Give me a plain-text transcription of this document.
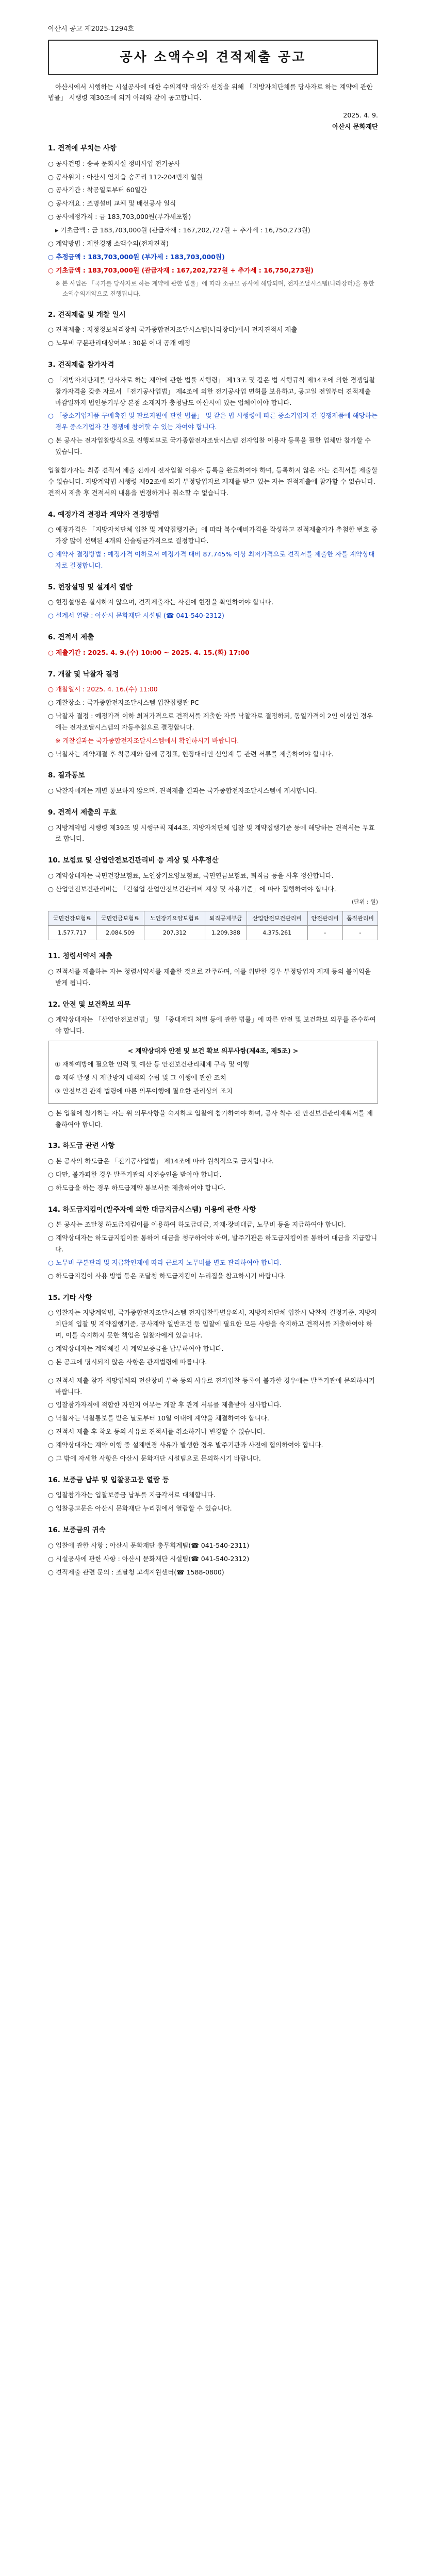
아산시 공고 제2025-1294호
공사 소액수의 견적제출 공고

아산시에서 시행하는 시설공사에 대한 수의계약 대상자 선정을 위해 「지방자치단체를 당사자로 하는 계약에 관한 법률」 시행령 제30조에 의거 아래와 같이 공고합니다.

2025. 4. 9.
아산시 문화재단
1. 견적에 부치는 사항

○ 공사건명 : 송곡 문화시설 정비사업 전기공사

○ 공사위치 : 아산시 염치읍 송곡리 112-204번지 일원

○ 공사기간 : 착공일로부터 60일간

○ 공사개요 : 조명설비 교체 및 배선공사 일식

○ 공사예정가격 : 금 183,703,000원(부가세포함)

▸ 기초금액 : 금 183,703,000원 (관급자재 : 167,202,727원 + 추가세 : 16,750,273원)

○ 계약방법 : 제한경쟁 소액수의(전자견적)

○ 추정금액 : 183,703,000원 (부가세 : 183,703,000원)

○ 기초금액 : 183,703,000원 (관급자재 : 167,202,727원 + 추가세 : 16,750,273원)

※ 본 사업은 「국가를 당사자로 하는 계약에 관한 법률」에 따라 소규모 공사에 해당되며, 전자조달시스템(나라장터)을 통한 소액수의계약으로 진행됩니다.

2. 견적제출 및 개찰 일시

○ 견적제출 : 지정정보처리장치 국가종합전자조달시스템(나라장터)에서 전자견적서 제출

○ 노무비 구분관리대상여부 : 30분 이내 공개 예정

3. 견적제출 참가자격

○ 「지방자치단체를 당사자로 하는 계약에 관한 법률 시행령」 제13조 및 같은 법 시행규칙 제14조에 의한 경쟁입찰 참가자격을 갖춘 자로서 「전기공사업법」 제4조에 의한 전기공사업 면허를 보유하고, 공고일 전일부터 견적제출 마감일까지 법인등기부상 본점 소재지가 충청남도 아산시에 있는 업체이어야 합니다.

○ 「중소기업제품 구매촉진 및 판로지원에 관한 법률」 및 같은 법 시행령에 따른 중소기업자 간 경쟁제품에 해당하는 경우 중소기업자 간 경쟁에 참여할 수 있는 자여야 합니다.

○ 본 공사는 전자입찰방식으로 진행되므로 국가종합전자조달시스템 전자입찰 이용자 등록을 필한 업체만 참가할 수 있습니다.

입찰참가자는 최종 견적서 제출 전까지 전자입찰 이용자 등록을 완료하여야 하며, 등록하지 않은 자는 견적서를 제출할 수 없습니다. 지방계약법 시행령 제92조에 의거 부정당업자로 제재를 받고 있는 자는 견적제출에 참가할 수 없습니다. 견적서 제출 후 견적서의 내용을 변경하거나 취소할 수 없습니다.

4. 예정가격 결정과 계약자 결정방법

○ 예정가격은 「지방자치단체 입찰 및 계약집행기준」에 따라 복수예비가격을 작성하고 견적제출자가 추첨한 번호 중 가장 많이 선택된 4개의 산술평균가격으로 결정합니다.

○ 계약자 결정방법 : 예정가격 이하로서 예정가격 대비 87.745% 이상 최저가격으로 견적서를 제출한 자를 계약상대자로 결정합니다.

5. 현장설명 및 설계서 열람

○ 현장설명은 실시하지 않으며, 견적제출자는 사전에 현장을 확인하여야 합니다.

○ 설계서 열람 : 아산시 문화재단 시설팀 (☎ 041-540-2312)

6. 견적서 제출

○ 제출기간 : 2025. 4. 9.(수) 10:00 ~ 2025. 4. 15.(화) 17:00

7. 개찰 및 낙찰자 결정

○ 개찰일시 : 2025. 4. 16.(수) 11:00

○ 개찰장소 : 국가종합전자조달시스템 입찰집행관 PC

○ 낙찰자 결정 : 예정가격 이하 최저가격으로 견적서를 제출한 자를 낙찰자로 결정하되, 동일가격이 2인 이상인 경우에는 전자조달시스템의 자동추첨으로 결정합니다.

※ 개찰결과는 국가종합전자조달시스템에서 확인하시기 바랍니다.

○ 낙찰자는 계약체결 후 착공계와 함께 공정표, 현장대리인 선임계 등 관련 서류를 제출하여야 합니다.

8. 결과통보

○ 낙찰자에게는 개별 통보하지 않으며, 견적제출 결과는 국가종합전자조달시스템에 게시합니다.

9. 견적서 제출의 무효

○ 지방계약법 시행령 제39조 및 시행규칙 제44조, 지방자치단체 입찰 및 계약집행기준 등에 해당하는 견적서는 무효로 합니다.

10. 보험료 및 산업안전보건관리비 등 계상 및 사후정산

○ 계약상대자는 국민건강보험료, 노인장기요양보험료, 국민연금보험료, 퇴직금 등을 사후 정산합니다.

○ 산업안전보건관리비는 「건설업 산업안전보건관리비 계상 및 사용기준」에 따라 집행하여야 합니다.

(단위 : 원)
국민건강보험료	국민연금보험료	노인장기요양보험료	퇴직공제부금	산업안전보건관리비	안전관리비	품질관리비
1,577,717	2,084,509	207,312	1,209,388	4,375,261	-	-
11. 청렴서약서 제출

○ 견적서를 제출하는 자는 청렴서약서를 제출한 것으로 간주하며, 이를 위반한 경우 부정당업자 제재 등의 불이익을 받게 됩니다.

12. 안전 및 보건확보 의무

○ 계약상대자는 「산업안전보건법」 및 「중대재해 처벌 등에 관한 법률」에 따른 안전 및 보건확보 의무를 준수하여야 합니다.

< 계약상대자 안전 및 보건 확보 의무사항(제4조, 제5조) >

① 재해예방에 필요한 인력 및 예산 등 안전보건관리체계 구축 및 이행

② 재해 발생 시 재발방지 대책의 수립 및 그 이행에 관한 조치

③ 안전보건 관계 법령에 따른 의무이행에 필요한 관리상의 조치

○ 본 입찰에 참가하는 자는 위 의무사항을 숙지하고 입찰에 참가하여야 하며, 공사 착수 전 안전보건관리계획서를 제출하여야 합니다.

13. 하도급 관련 사항

○ 본 공사의 하도급은 「전기공사업법」 제14조에 따라 원칙적으로 금지합니다.

○ 다만, 불가피한 경우 발주기관의 사전승인을 받아야 합니다.

○ 하도급을 하는 경우 하도급계약 통보서를 제출하여야 합니다.

14. 하도급지킴이(발주자에 의한 대금지급시스템) 이용에 관한 사항

○ 본 공사는 조달청 하도급지킴이를 이용하여 하도급대금, 자재·장비대금, 노무비 등을 지급하여야 합니다.

○ 계약상대자는 하도급지킴이를 통하여 대금을 청구하여야 하며, 발주기관은 하도급지킴이를 통하여 대금을 지급합니다.

○ 노무비 구분관리 및 지급확인제에 따라 근로자 노무비를 별도 관리하여야 합니다.

○ 하도급지킴이 사용 방법 등은 조달청 하도급지킴이 누리집을 참고하시기 바랍니다.

15. 기타 사항

○ 입찰자는 지방계약법, 국가종합전자조달시스템 전자입찰특별유의서, 지방자치단체 입찰시 낙찰자 결정기준, 지방자치단체 입찰 및 계약집행기준, 공사계약 일반조건 등 입찰에 필요한 모든 사항을 숙지하고 견적서를 제출하여야 하며, 이를 숙지하지 못한 책임은 입찰자에게 있습니다.

○ 계약상대자는 계약체결 시 계약보증금을 납부하여야 합니다.

○ 본 공고에 명시되지 않은 사항은 관계법령에 따릅니다.

○ 견적서 제출 참가 희망업체의 전산장비 부족 등의 사유로 전자입찰 등록이 불가한 경우에는 발주기관에 문의하시기 바랍니다.

○ 입찰참가자격에 적합한 자인지 여부는 개찰 후 관계 서류를 제출받아 심사합니다.

○ 낙찰자는 낙찰통보를 받은 날로부터 10일 이내에 계약을 체결하여야 합니다.

○ 견적서 제출 후 착오 등의 사유로 견적서를 취소하거나 변경할 수 없습니다.

○ 계약상대자는 계약 이행 중 설계변경 사유가 발생한 경우 발주기관과 사전에 협의하여야 합니다.

○ 그 밖에 자세한 사항은 아산시 문화재단 시설팀으로 문의하시기 바랍니다.

16. 보증금 납부 및 입찰공고문 열람 등

○ 입찰참가자는 입찰보증금 납부를 지급각서로 대체합니다.

○ 입찰공고문은 아산시 문화재단 누리집에서 열람할 수 있습니다.

16. 보증금의 귀속

○ 입찰에 관한 사항 : 아산시 문화재단 총무회계팀(☎ 041-540-2311)

○ 시설공사에 관한 사항 : 아산시 문화재단 시설팀(☎ 041-540-2312)

○ 견적제출 관련 문의 : 조달청 고객지원센터(☎ 1588-0800)
